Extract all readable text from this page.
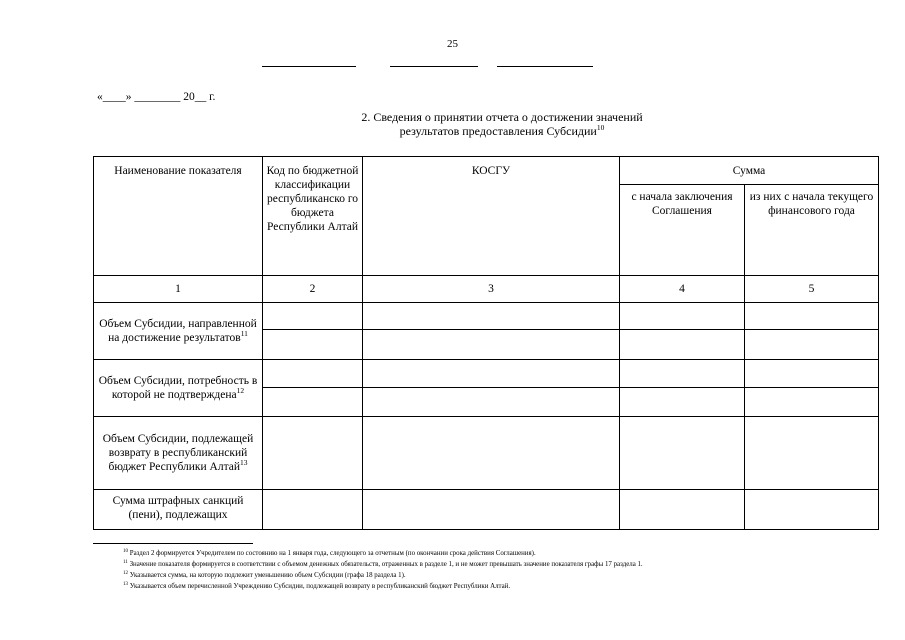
25
«____» ________ 20__ г.
2. Сведения о принятии отчета о достижении значений
результатов предоставления Субсидии$^{10}$
Наименование показателя	Код по бюджетной классификации республиканско го бюджета Республики Алтай	КОСГУ	Сумма	
			с начала заключения Соглашения	из них с начала текущего финансового года
1	2	3	4	5
Объем Субсидии, направленной на достижение результатов$^{11}$				

Объем Субсидии, потребность в которой не подтверждена$^{12}$				

Объем Субсидии, подлежащей возврату в республиканский бюджет Республики Алтай$^{13}$				
Сумма штрафных санкций (пени), подлежащих				
$^{10}$ Раздел 2 формируется Учредителем по состоянию на 1 января года, следующего за отчетным (по окончании срока действия Соглашения).
$^{11}$ Значение показателя формируется в соответствии с объемом денежных обязательств, отраженных в разделе 1, и не может превышать значение показателя графы 17 раздела 1.
$^{12}$ Указывается сумма, на которую подлежит уменьшению объем Субсидии (графа 18 раздела 1).
$^{13}$ Указывается объем перечисленной Учреждению Субсидии, подлежащей возврату в республиканский бюджет Республики Алтай.
